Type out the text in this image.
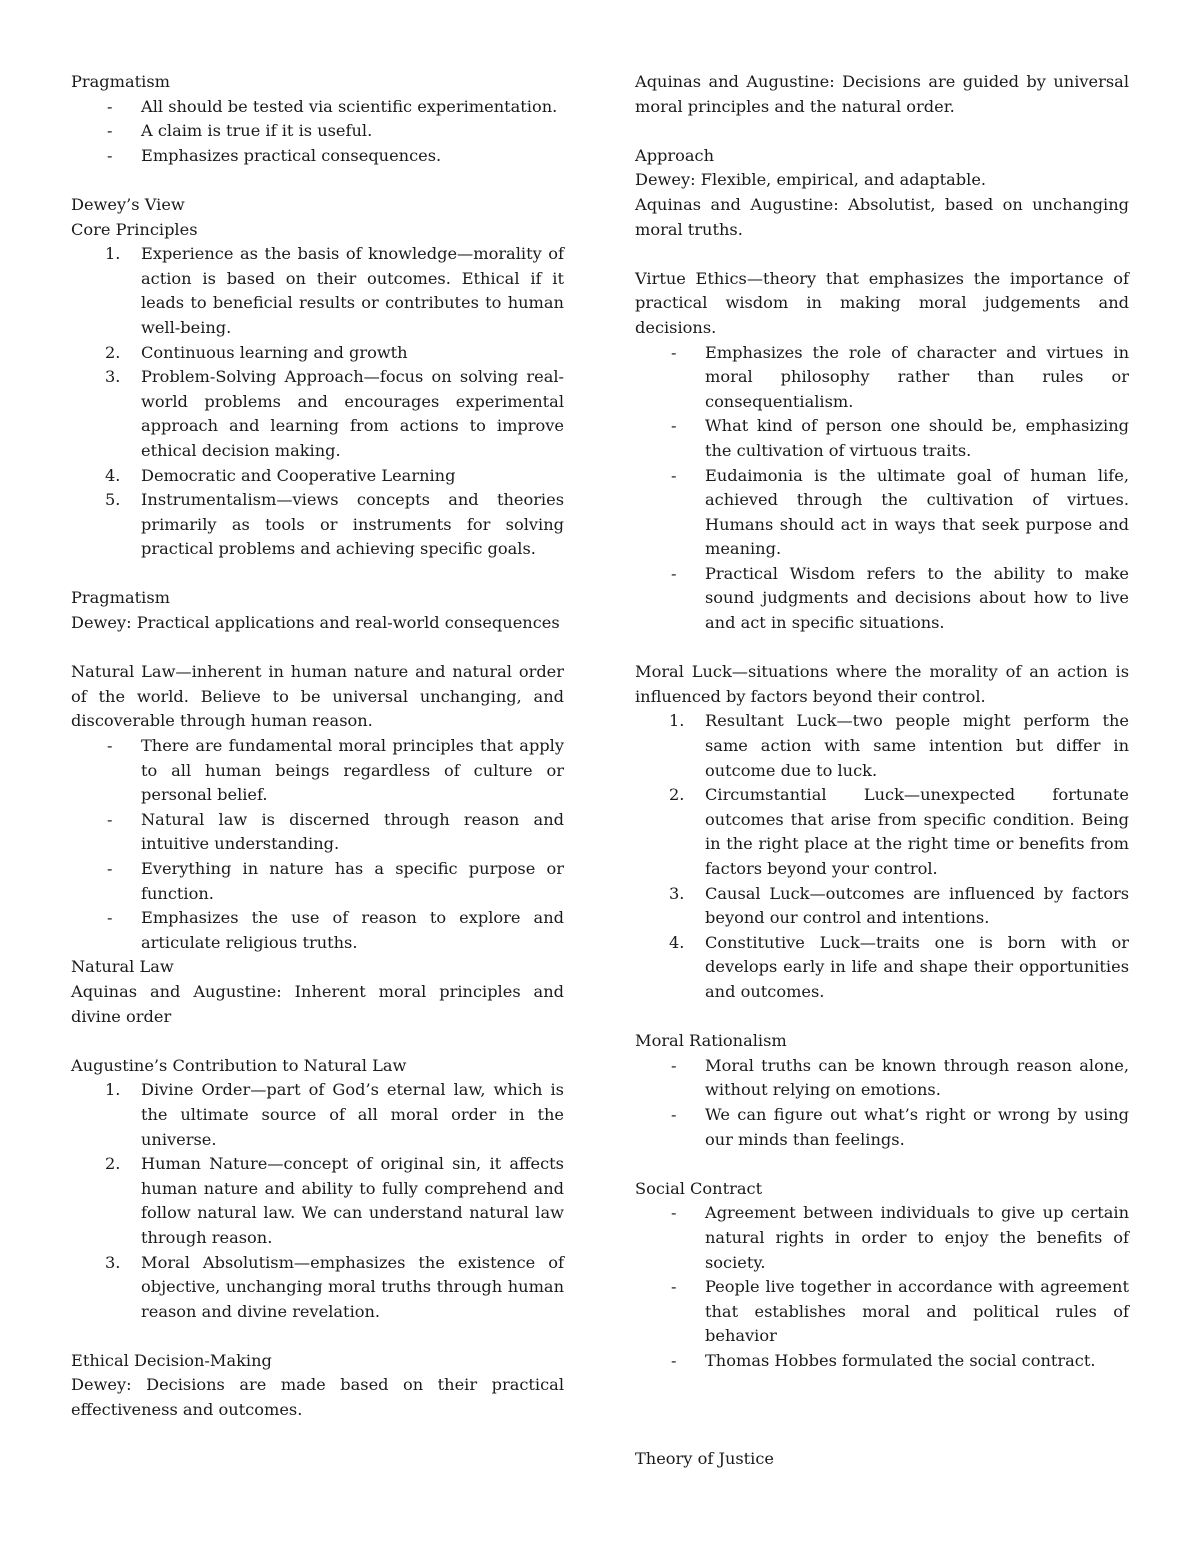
Pragmatism

- All should be tested via scientific experimentation.
- A claim is true if it is useful.
- Emphasizes practical consequences.

Dewey’s View

Core Principles

1. Experience as the basis of knowledge—morality of action is based on their outcomes. Ethical if it leads to beneficial results or contributes to human well-being.
2. Continuous learning and growth
3. Problem-Solving Approach—focus on solving real-world problems and encourages experimental approach and learning from actions to improve ethical decision making.
4. Democratic and Cooperative Learning
5. Instrumentalism—views concepts and theories primarily as tools or instruments for solving practical problems and achieving specific goals.

Pragmatism

Dewey: Practical applications and real-world consequences

Natural Law—inherent in human nature and natural order of the world. Believe to be universal unchanging, and discoverable through human reason.

- There are fundamental moral principles that apply to all human beings regardless of culture or personal belief.
- Natural law is discerned through reason and intuitive understanding.
- Everything in nature has a specific purpose or function.
- Emphasizes the use of reason to explore and articulate religious truths.

Natural Law

Aquinas and Augustine: Inherent moral principles and divine order

Augustine’s Contribution to Natural Law

1. Divine Order—part of God’s eternal law, which is the ultimate source of all moral order in the universe.
2. Human Nature—concept of original sin, it affects human nature and ability to fully comprehend and follow natural law. We can understand natural law through reason.
3. Moral Absolutism—emphasizes the existence of objective, unchanging moral truths through human reason and divine revelation.

Ethical Decision-Making

Dewey: Decisions are made based on their practical effectiveness and outcomes.

Aquinas and Augustine: Decisions are guided by universal moral principles and the natural order.

Approach

Dewey: Flexible, empirical, and adaptable.

Aquinas and Augustine: Absolutist, based on unchanging moral truths.

Virtue Ethics—theory that emphasizes the importance of practical wisdom in making moral judgements and decisions.

- Emphasizes the role of character and virtues in moral philosophy rather than rules or consequentialism.
- What kind of person one should be, emphasizing the cultivation of virtuous traits.
- Eudaimonia is the ultimate goal of human life, achieved through the cultivation of virtues. Humans should act in ways that seek purpose and meaning.
- Practical Wisdom refers to the ability to make sound judgments and decisions about how to live and act in specific situations.

Moral Luck—situations where the morality of an action is influenced by factors beyond their control.

1. Resultant Luck—two people might perform the same action with same intention but differ in outcome due to luck.
2. Circumstantial Luck—unexpected fortunate outcomes that arise from specific condition. Being in the right place at the right time or benefits from factors beyond your control.
3. Causal Luck—outcomes are influenced by factors beyond our control and intentions.
4. Constitutive Luck—traits one is born with or develops early in life and shape their opportunities and outcomes.

Moral Rationalism

- Moral truths can be known through reason alone, without relying on emotions.
- We can figure out what’s right or wrong by using our minds than feelings.

Social Contract

- Agreement between individuals to give up certain natural rights in order to enjoy the benefits of society.
- People live together in accordance with agreement that establishes moral and political rules of behavior
- Thomas Hobbes formulated the social contract.

Theory of Justice
